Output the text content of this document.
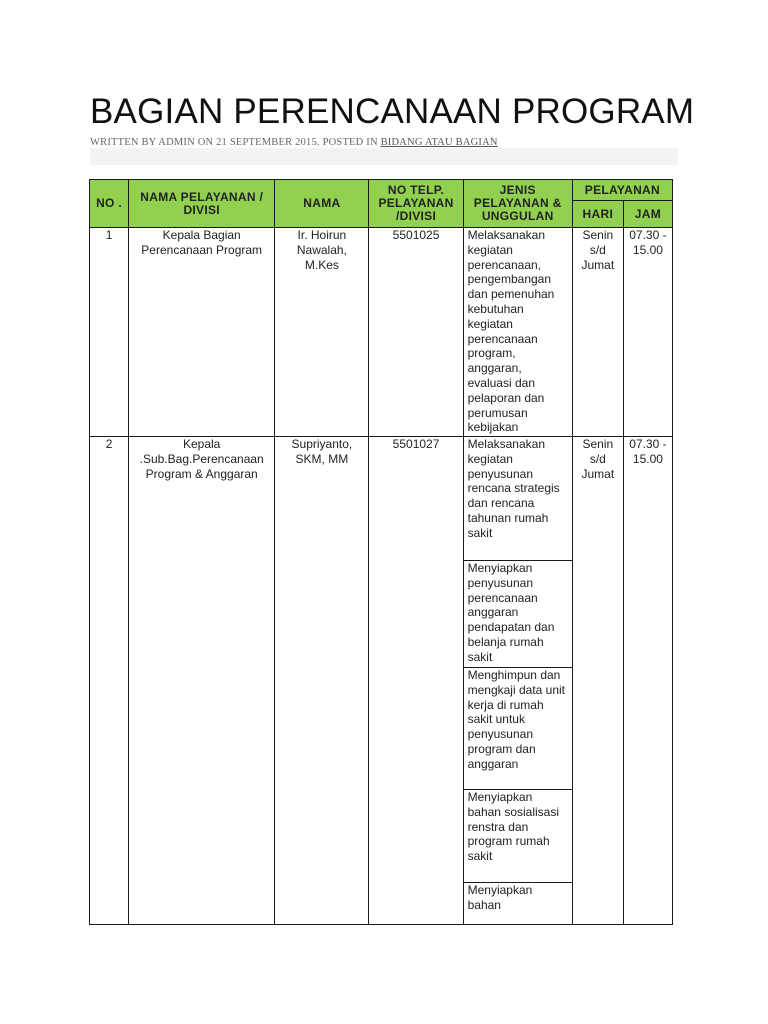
BAGIAN PERENCANAAN PROGRAM
WRITTEN BY ADMIN ON 21 SEPTEMBER 2015. POSTED IN BIDANG ATAU BAGIAN
NO .	NAMA PELAYANAN / DIVISI	NAMA	NO TELP. PELAYANAN /DIVISI	JENIS PELAYANAN & UNGGULAN	PELAYANAN	
					HARI	JAM
1	Kepala Bagian Perencanaan Program	Ir. Hoirun Nawalah, M.Kes	5501025	Melaksanakan kegiatan perencanaan, pengembangan dan pemenuhan kebutuhan kegiatan perencanaan program, anggaran, evaluasi dan pelaporan dan perumusan kebijakan	Senin s/d Jumat	07.30 - 15.00
2	Kepala .Sub.Bag.Perencanaan Program & Anggaran	Supriyanto, SKM, MM	5501027	Melaksanakan kegiatan penyusunan rencana strategis dan rencana tahunan rumah sakit	Senin s/d Jumat	07.30 - 15.00
				Menyiapkan penyusunan perencanaan anggaran pendapatan dan belanja rumah sakit		
				Menghimpun dan mengkaji data unit kerja di rumah sakit untuk penyusunan program dan anggaran		
				Menyiapkan bahan sosialisasi renstra dan program rumah sakit		

				Menyiapkan bahan		
